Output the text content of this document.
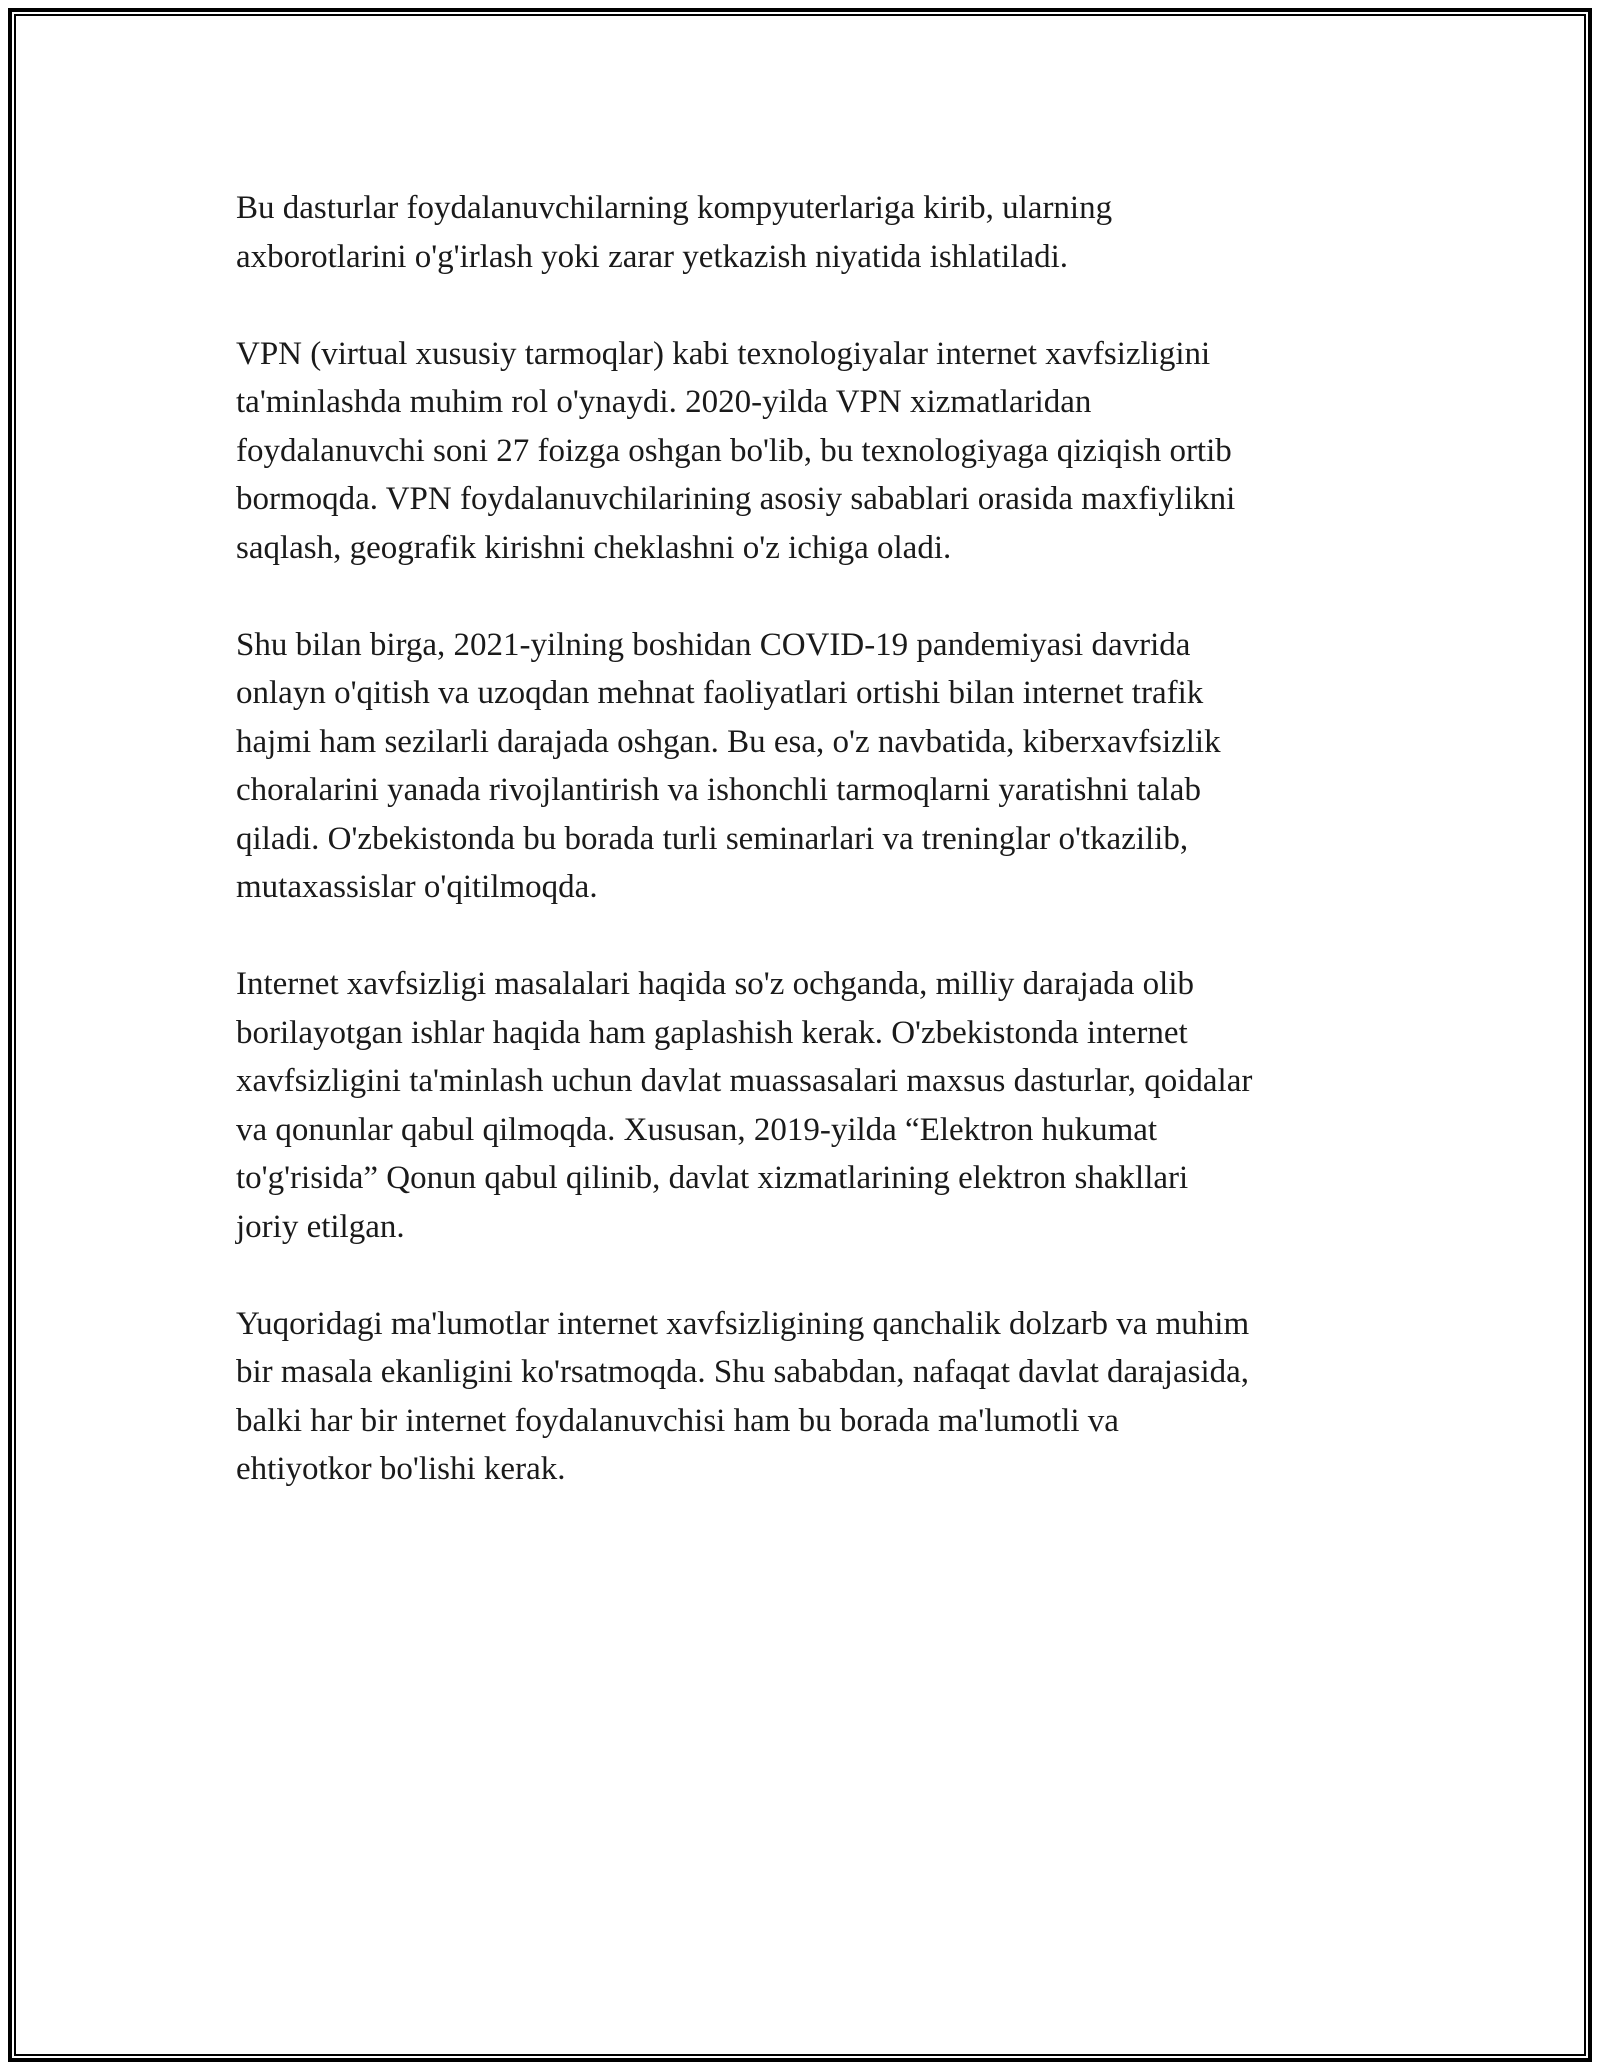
Bu dasturlar foydalanuvchilarning kompyuterlariga kirib, ularning
axborotlarini o'g'irlash yoki zarar yetkazish niyatida ishlatiladi.

VPN (virtual xususiy tarmoqlar) kabi texnologiyalar internet xavfsizligini
ta'minlashda muhim rol o'ynaydi. 2020-yilda VPN xizmatlaridan
foydalanuvchi soni 27 foizga oshgan bo'lib, bu texnologiyaga qiziqish ortib
bormoqda. VPN foydalanuvchilarining asosiy sabablari orasida maxfiylikni
saqlash, geografik kirishni cheklashni o'z ichiga oladi.

Shu bilan birga, 2021-yilning boshidan COVID-19 pandemiyasi davrida
onlayn o'qitish va uzoqdan mehnat faoliyatlari ortishi bilan internet trafik
hajmi ham sezilarli darajada oshgan. Bu esa, o'z navbatida, kiberxavfsizlik
choralarini yanada rivojlantirish va ishonchli tarmoqlarni yaratishni talab
qiladi. O'zbekistonda bu borada turli seminarlari va treninglar o'tkazilib,
mutaxassislar o'qitilmoqda.

Internet xavfsizligi masalalari haqida so'z ochganda, milliy darajada olib
borilayotgan ishlar haqida ham gaplashish kerak. O'zbekistonda internet
xavfsizligini ta'minlash uchun davlat muassasalari maxsus dasturlar, qoidalar
va qonunlar qabul qilmoqda. Xususan, 2019-yilda “Elektron hukumat
to'g'risida” Qonun qabul qilinib, davlat xizmatlarining elektron shakllari
joriy etilgan.

Yuqoridagi ma'lumotlar internet xavfsizligining qanchalik dolzarb va muhim
bir masala ekanligini ko'rsatmoqda. Shu sababdan, nafaqat davlat darajasida,
balki har bir internet foydalanuvchisi ham bu borada ma'lumotli va
ehtiyotkor bo'lishi kerak.
